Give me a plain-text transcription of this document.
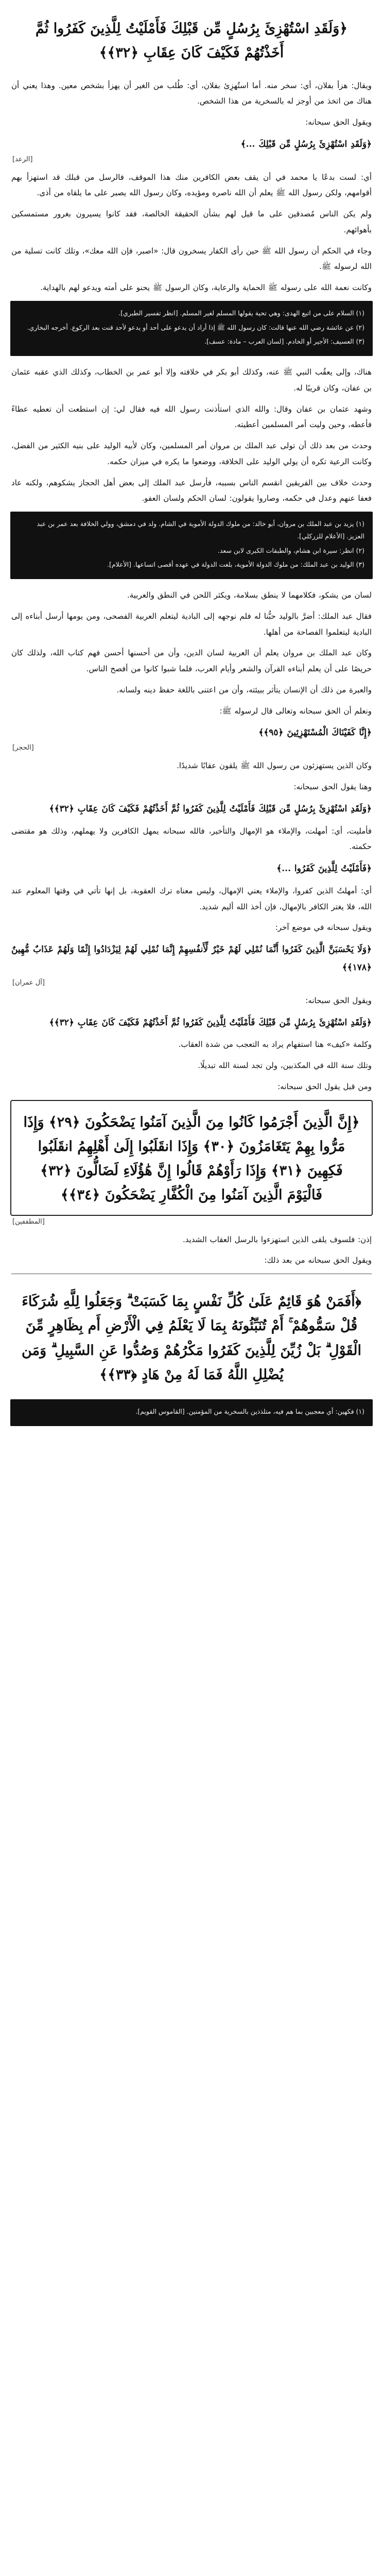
﴿وَلَقَدِ اسْتُهْزِئَ بِرُسُلٍ مِّن قَبْلِكَ فَأَمْلَيْتُ لِلَّذِينَ كَفَرُوا ثُمَّ أَخَذْتُهُمْ فَكَيْفَ كَانَ عِقَابِ ﴿٣٢﴾﴾

ويقال: هزأ بفلان، أي: سخر منه. أما استُهزِئ بفلان، أي: طُلب من الغير أن يهزأ بشخص معين. وهذا يعني أن هناك من اتخذ من أوجز له بالسخرية من هذا الشخص.

ويقول الحق سبحانه:

﴿وَلَقَدِ اسْتُهْزِئَ بِرُسُلٍ مِّن قَبْلِكَ ...﴾

[الرعد]

أي: لست بدعًا يا محمد في أن يقف بعض الكافرين منك هذا الموقف، فالرسل من قبلك قد استهزأ بهم أقوامهم، ولكن رسول الله ﷺ يعلم أن الله ناصره ومؤيده، وكان رسول الله يصبر على ما يلقاه من أذى.

ولم يكن الناس مُصدقين على ما قيل لهم بشأن الحقيقة الخالصة، فقد كانوا يسيرون بغرور مستمسكين بأهوائهم.

وجاء في الحكم أن رسول الله ﷺ حين رأى الكفار يسخرون قال: «اصبر، فإن الله معك»، وتلك كانت تسلية من الله لرسوله ﷺ.

وكانت نعمة الله على رسوله ﷺ الحماية والرعاية، وكان الرسول ﷺ يحنو على أمته ويدعو لهم بالهداية.

(١) السلام على من اتبع الهدى: وهي تحية يقولها المسلم لغير المسلم. [انظر تفسير الطبري].

(٢) عن عائشة رضي الله عنها قالت: كان رسول الله ﷺ إذا أراد أن يدعو على أحد أو يدعو لأحد قنت بعد الركوع. أخرجه البخاري.

(٣) العسيف: الأجير أو الخادم. [لسان العرب – مادة: عسف].

هناك، وإلى يعقُب النبي ﷺ عنه، وكذلك أبو بكر في خلافته وإلا أبو عمر بن الخطاب، وكذلك الذي عقبه عثمان بن عفان، وكان قريبًا له.

وشهد عثمان بن عفان وقال: والله الذي استأذنت رسول الله فيه فقال لي: إن استطعت أن تعطيه عطاءً فأعطه، وحين وليت أمر المسلمين أعطيته.

وحدث من بعد ذلك أن تولى عبد الملك بن مروان أمر المسلمين، وكان لأبيه الوليد على بنيه الكثير من الفضل، وكانت الرعية تكره أن يولي الوليد على الخلافة، ووضعوا ما يكره في ميزان حكمه.

وحدث خلاف بين الفريقين انقسم الناس بسببه، فأرسل عبد الملك إلى بعض أهل الحجاز يشكوهم، ولكنه عاد فعفا عنهم وعدل في حكمه، وصاروا يقولون: لسان الحكم ولسان العفو.

(١) يزيد بن عبد الملك بن مروان، أبو خالد: من ملوك الدولة الأموية في الشام. ولد في دمشق، وولي الخلافة بعد عمر بن عبد العزيز. [الأعلام للزركلي].

(٢) انظر: سيرة ابن هشام، والطبقات الكبرى لابن سعد.

(٣) الوليد بن عبد الملك: من ملوك الدولة الأموية، بلغت الدولة في عهده أقصى اتساعها. [الأعلام].

لسان من يشكو، فكلامهما لا ينطق بسلامة، ويكثر اللحن في النطق والعربية.

فقال عبد الملك: أضرَّ بالوليد حبُّنا له فلم نوجهه إلى البادية ليتعلم العربية الفصحى، ومن يومها أرسل أبناءه إلى البادية ليتعلموا الفصاحة من أهلها.

وكان عبد الملك بن مروان يعلم أن العربية لسان الدين، وأن من أحسنها أحسن فهم كتاب الله، ولذلك كان حريصًا على أن يعلم أبناءه القرآن والشعر وأيام العرب، فلما شبوا كانوا من أفصح الناس.

والعبرة من ذلك أن الإنسان يتأثر ببيئته، وأن من اعتنى باللغة حفظ دينه ولسانه.

ونعلم أن الحق سبحانه وتعالى قال لرسوله ﷺ:

﴿إِنَّا كَفَيْنَاكَ الْمُسْتَهْزِئِينَ ﴿٩٥﴾﴾

[الحجر]

وكان الذين يستهزئون من رسول الله ﷺ يلقون عقابًا شديدًا.

وهنا يقول الحق سبحانه:

﴿وَلَقَدِ اسْتُهْزِئَ بِرُسُلٍ مِّن قَبْلِكَ فَأَمْلَيْتُ لِلَّذِينَ كَفَرُوا ثُمَّ أَخَذْتُهُمْ فَكَيْفَ كَانَ عِقَابِ ﴿٣٢﴾﴾

فأمليت، أي: أمهلت، والإملاء هو الإمهال والتأخير، فالله سبحانه يمهل الكافرين ولا يهملهم، وذلك هو مقتضى حكمته.

﴿فَأَمْلَيْتُ لِلَّذِينَ كَفَرُوا ...﴾

أي: أمهلتُ الذين كفروا، والإملاء يعني الإمهال، وليس معناه ترك العقوبة، بل إنها تأتي في وقتها المعلوم عند الله، فلا يغتر الكافر بالإمهال، فإن أخذ الله أليم شديد.

ويقول سبحانه في موضع آخر:

﴿وَلَا يَحْسَبَنَّ الَّذِينَ كَفَرُوا أَنَّمَا نُمْلِي لَهُمْ خَيْرٌ لِّأَنفُسِهِمْ إِنَّمَا نُمْلِي لَهُمْ لِيَزْدَادُوا إِثْمًا وَلَهُمْ عَذَابٌ مُّهِينٌ ﴿١٧٨﴾﴾

[آل عمران]

ويقول الحق سبحانه:

﴿وَلَقَدِ اسْتُهْزِئَ بِرُسُلٍ مِّن قَبْلِكَ فَأَمْلَيْتُ لِلَّذِينَ كَفَرُوا ثُمَّ أَخَذْتُهُمْ فَكَيْفَ كَانَ عِقَابِ ﴿٣٢﴾﴾

وكلمة «كيف» هنا استفهام يراد به التعجب من شدة العقاب.

وتلك سنة الله في المكذبين، ولن تجد لسنة الله تبديلًا.

ومن قبل يقول الحق سبحانه:

﴿إِنَّ الَّذِينَ أَجْرَمُوا كَانُوا مِنَ الَّذِينَ آمَنُوا يَضْحَكُونَ ﴿٢٩﴾ وَإِذَا مَرُّوا بِهِمْ يَتَغَامَزُونَ ﴿٣٠﴾ وَإِذَا انقَلَبُوا إِلَىٰ أَهْلِهِمُ انقَلَبُوا فَكِهِينَ ﴿٣١﴾ وَإِذَا رَأَوْهُمْ قَالُوا إِنَّ هَٰؤُلَاءِ لَضَالُّونَ ﴿٣٢﴾ فَالْيَوْمَ الَّذِينَ آمَنُوا مِنَ الْكُفَّارِ يَضْحَكُونَ ﴿٣٤﴾﴾
[المطففين]

إذن: فلسوف يلقى الذين استهزءوا بالرسل العقاب الشديد.

ويقول الحق سبحانه من بعد ذلك:

﴿أَفَمَنْ هُوَ قَائِمٌ عَلَىٰ كُلِّ نَفْسٍ بِمَا كَسَبَتْ ۗ وَجَعَلُوا لِلَّهِ شُرَكَاءَ قُلْ سَمُّوهُمْ ۚ أَمْ تُنَبِّئُونَهُ بِمَا لَا يَعْلَمُ فِي الْأَرْضِ أَم بِظَاهِرٍ مِّنَ الْقَوْلِ ۗ بَلْ زُيِّنَ لِلَّذِينَ كَفَرُوا مَكْرُهُمْ وَصُدُّوا عَنِ السَّبِيلِ ۗ وَمَن يُضْلِلِ اللَّهُ فَمَا لَهُ مِنْ هَادٍ ﴿٣٣﴾﴾

(١) فكهين: أي معجبين بما هم فيه، متلذذين بالسخرية من المؤمنين. [القاموس القويم].
